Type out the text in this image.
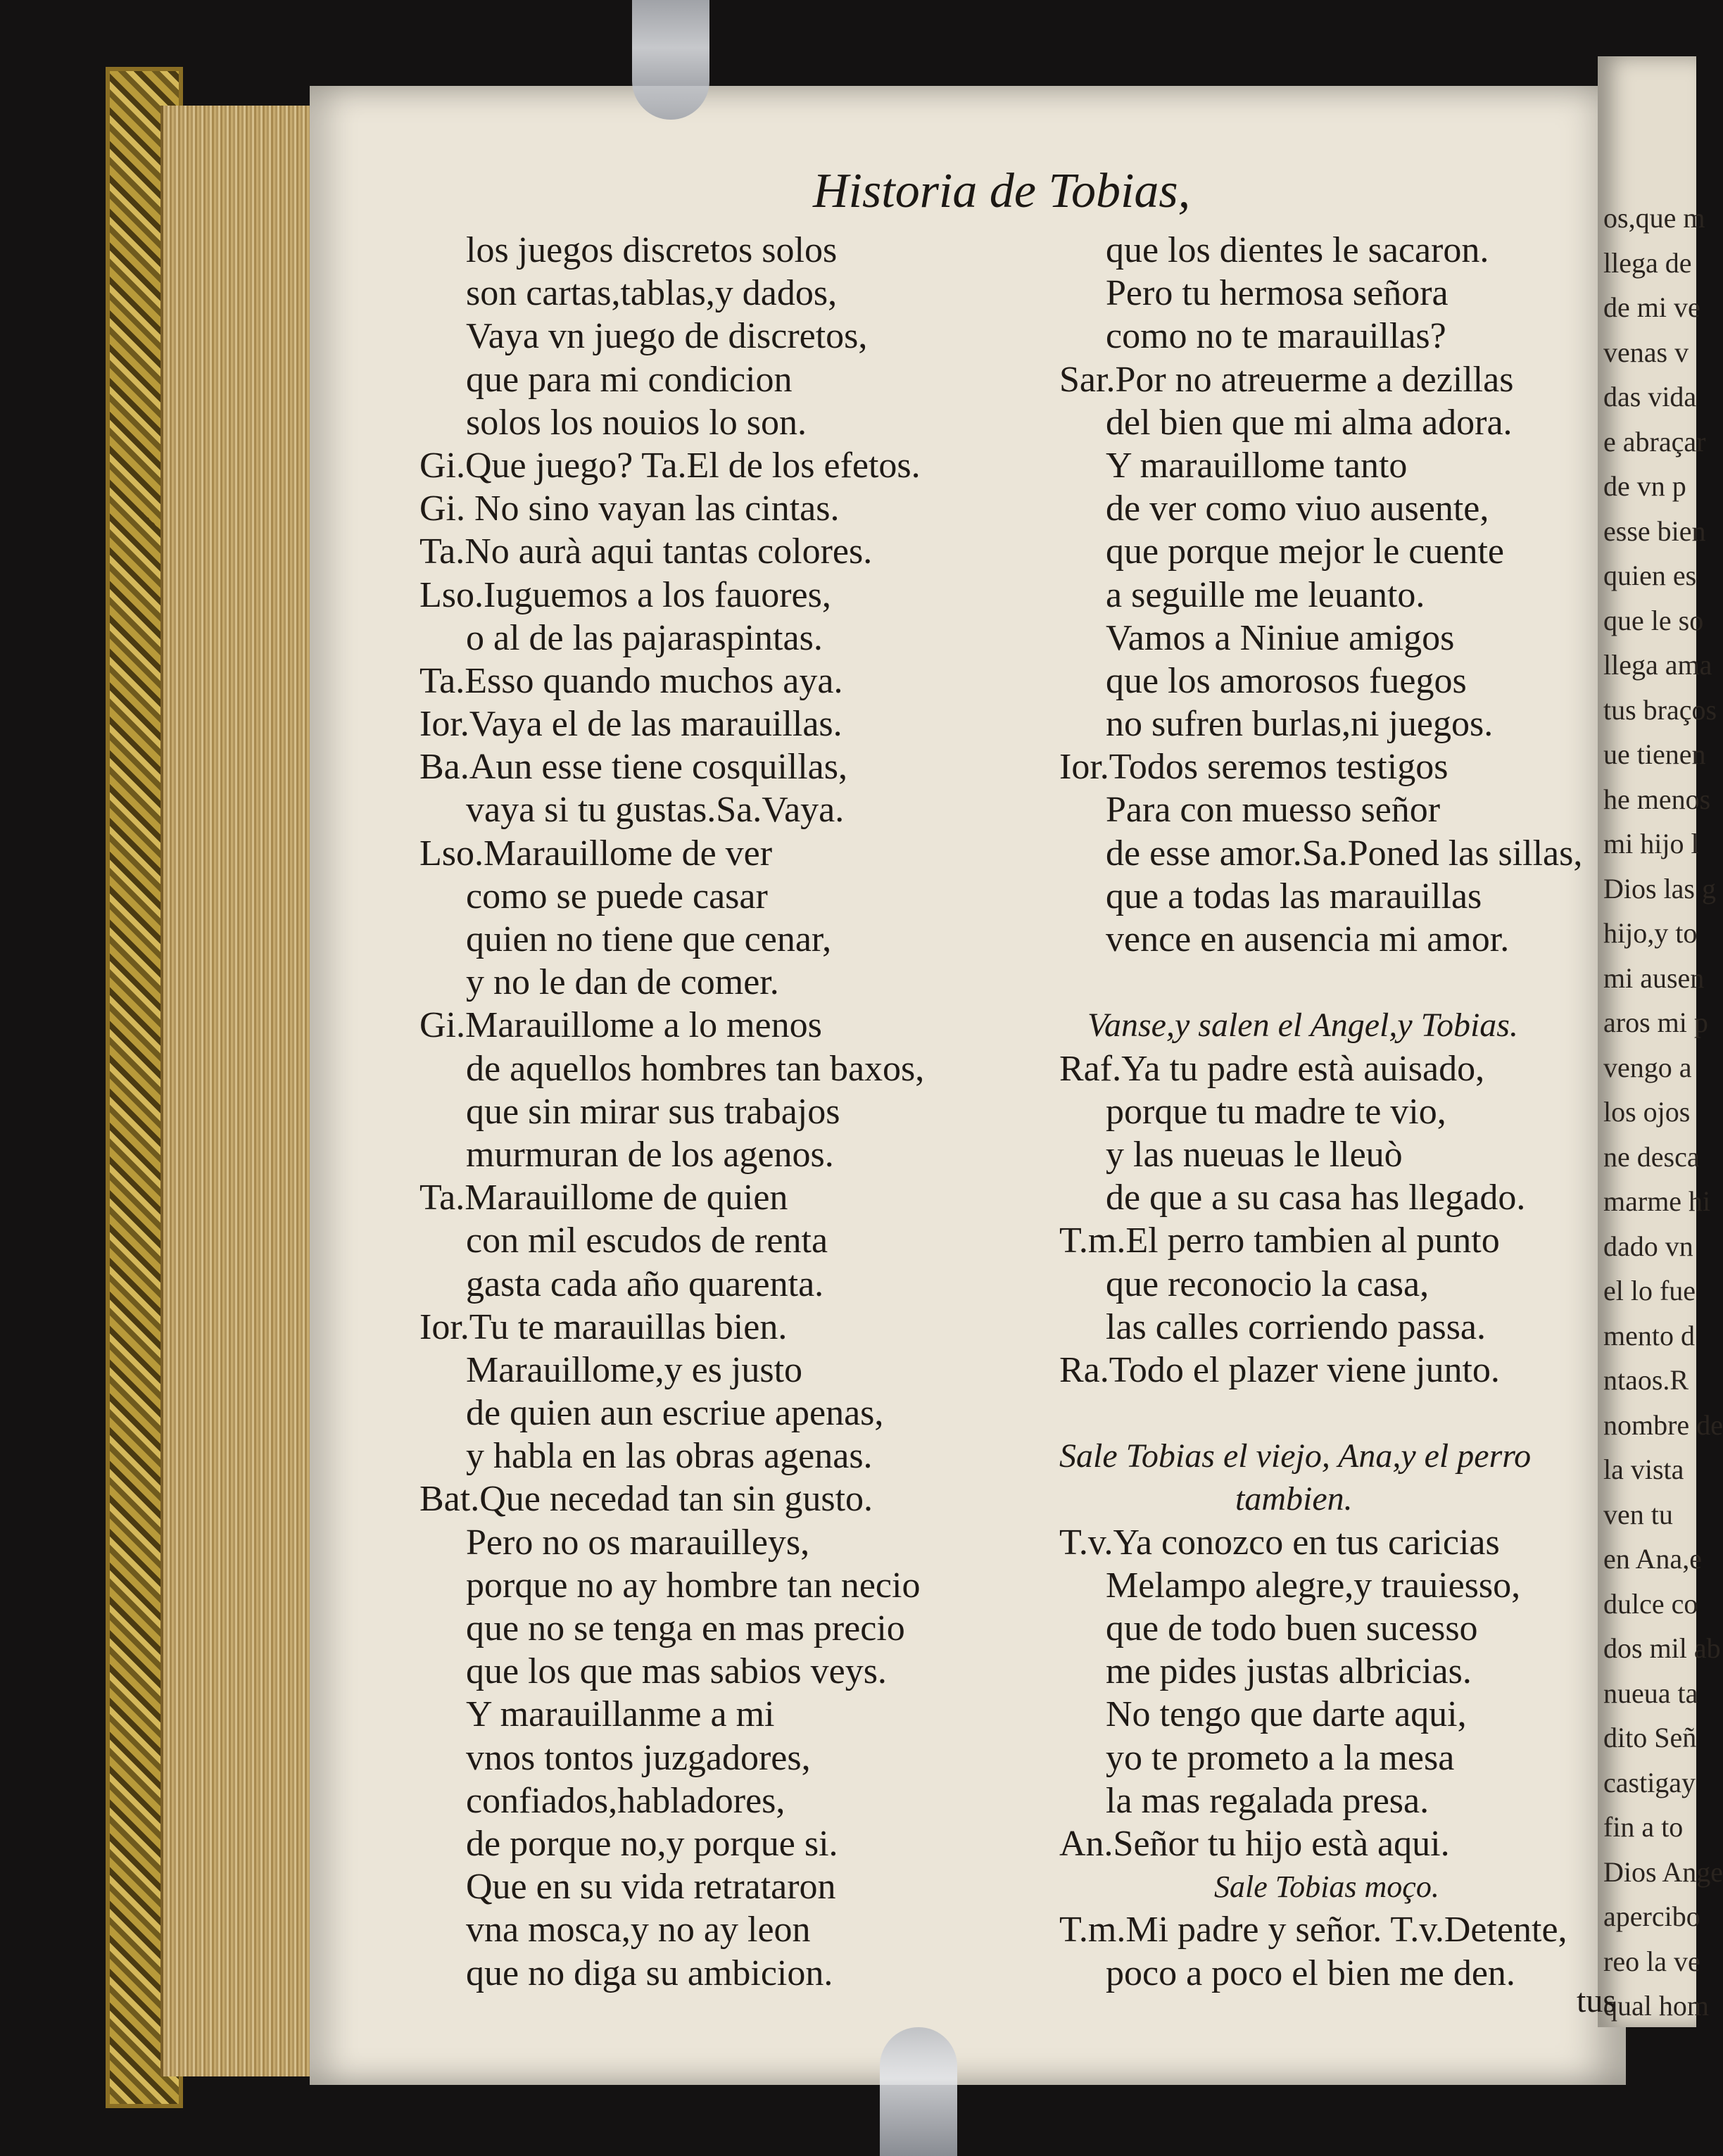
os,que m
llega de
de mi ve
venas v
das vida
e abraçar
de vn p
esse bien
quien es
que le so
llega ama
tus braços
ue tienen
he menos
mi hijo l
Dios las g
hijo,y to
mi ausen
aros mi p
vengo a
los ojos
ne desca
marme hi
dado vn
el lo fue
mento d
ntaos.R
nombre de
la vista
ven tu
en Ana,e
dulce co
dos mil ab
nueua ta
dito Señ
castigay
fin a to
Dios Ange
apercibo
reo la ve
qual hom
Historia de Tobias,
los juegos discretos solos
son cartas,tablas,y dados,
Vaya vn juego de discretos,
que para mi condicion
solos los nouios lo son.
Gi.Que juego? Ta.El de los efetos.
Gi. No sino vayan las cintas.
Ta.No aurà aqui tantas colores.
Lso.Iuguemos a los fauores,
o al de las pajaraspintas.
Ta.Esso quando muchos aya.
Ior.Vaya el de las marauillas.
Ba.Aun esse tiene cosquillas,
vaya si tu gustas.Sa.Vaya.
Lso.Marauillome de ver
como se puede casar
quien no tiene que cenar,
y no le dan de comer.
Gi.Marauillome a lo menos
de aquellos hombres tan baxos,
que sin mirar sus trabajos
murmuran de los agenos.
Ta.Marauillome de quien
con mil escudos de renta
gasta cada año quarenta.
Ior.Tu te marauillas bien.
Marauillome,y es justo
de quien aun escriue apenas,
y habla en las obras agenas.
Bat.Que necedad tan sin gusto.
Pero no os marauilleys,
porque no ay hombre tan necio
que no se tenga en mas precio
que los que mas sabios veys.
Y marauillanme a mi
vnos tontos juzgadores,
confiados,habladores,
de porque no,y porque si.
Que en su vida retrataron
vna mosca,y no ay leon
que no diga su ambicion.
que los dientes le sacaron.
Pero tu hermosa señora
como no te marauillas?
Sar.Por no atreuerme a dezillas
del bien que mi alma adora.
Y marauillome tanto
de ver como viuo ausente,
que porque mejor le cuente
a seguille me leuanto.
Vamos a Niniue amigos
que los amorosos fuegos
no sufren burlas,ni juegos.
Ior.Todos seremos testigos
Para con muesso señor
de esse amor.Sa.Poned las sillas,
que a todas las marauillas
vence en ausencia mi amor.
Vanse,y salen el Angel,y Tobias.
Raf.Ya tu padre està auisado,
porque tu madre te vio,
y las nueuas le lleuò
de que a su casa has llegado.
T.m.El perro tambien al punto
que reconocio la casa,
las calles corriendo passa.
Ra.Todo el plazer viene junto.
Sale Tobias el viejo, Ana,y el perro
tambien.
T.v.Ya conozco en tus caricias
Melampo alegre,y trauiesso,
que de todo buen sucesso
me pides justas albricias.
No tengo que darte aqui,
yo te prometo a la mesa
la mas regalada presa.
An.Señor tu hijo està aqui.
Sale Tobias moço.
T.m.Mi padre y señor. T.v.Detente,
poco a poco el bien me den.
tus
